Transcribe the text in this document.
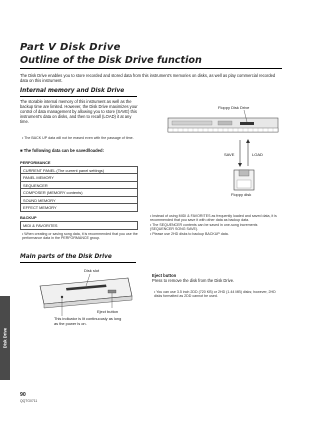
Part V Disk Drive
Outline of the Disk Drive function
The Disk Drive enables you to store recorded and stored data from this instrument's memories on disks, as well as play commercial recorded data on this instrument.
Internal memory and Disk Drive
The storable internal memory of this instrument as well as the backup time are limited. However, the Disk Drive maximizes your control of data management by allowing you to store (SAVE) this instrument's data on disks, and then to recall (LOAD) it at any time.
• The BACK UP data will not be erased even with the passage of time.
■ The following data can be saved/loaded:
PERFORMANCE
CURRENT PANEL (The current panel settings)
PANEL MEMORY
SEQUENCER
COMPOSER (MEMORY contents)
SOUND MEMORY
EFFECT MEMORY
BACKUP
MIDI & FAVORITES
• When creating or saving song data, it is recommended that you use the performance data in the PERFORMANCE group.
Floppy Disk Drive
SAVE	LOAD
Floppy disk
• Instead of using MIDI & FAVORITES as frequently loaded and saved data, it is recommended that you save it with other data as backup data.
• The SEQUENCER contents can be saved in one-song increments (SEQUENCER SONG SAVE).
• Please use 2HD disks to backup BACKUP data.
Main parts of the Disk Drive
Disk slot
Eject button
This indicator is lit continuously as long as the power is on.
Eject button
Press to remove the disk from the Disk Drive.
• You can use 3.5 inch 2DD (720 KB) or 2HD (1.44 MB) disks; however, 2HD disks formatted as 2DD cannot be used.
Disk Drive
90
QQTG0711
